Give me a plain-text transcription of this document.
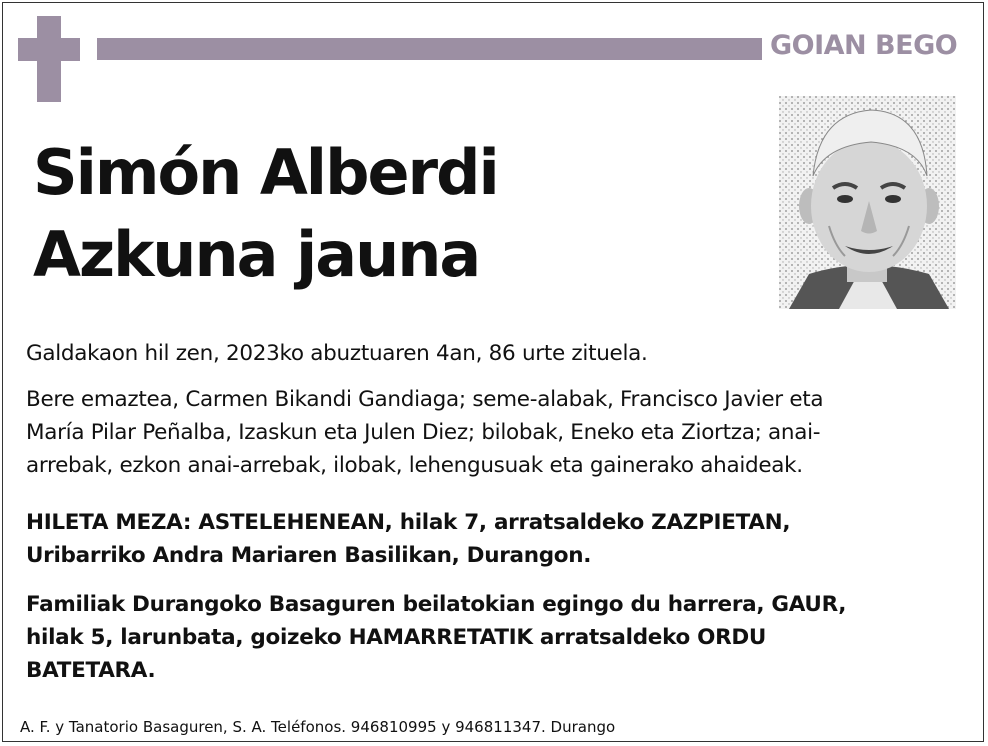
GOIAN BEGO
Simón Alberdi
Azkuna jauna
Galdakaon hil zen, 2023ko abuztuaren 4an, 86 urte zituela.
Bere emaztea, Carmen Bikandi Gandiaga; seme-alabak, Francisco Javier eta
María Pilar Peñalba, Izaskun eta Julen Diez; bilobak, Eneko eta Ziortza; anai-
arrebak, ezkon anai-arrebak, ilobak, lehengusuak eta gainerako ahaideak.
HILETA MEZA: ASTELEHENEAN, hilak 7, arratsaldeko ZAZPIETAN,
Uribarriko Andra Mariaren Basilikan, Durangon.
Familiak Durangoko Basaguren beilatokian egingo du harrera, GAUR,
hilak 5, larunbata, goizeko HAMARRETATIK arratsaldeko ORDU
BATETARA.
A. F. y Tanatorio Basaguren, S. A. Teléfonos. 946810995 y 946811347. Durango
